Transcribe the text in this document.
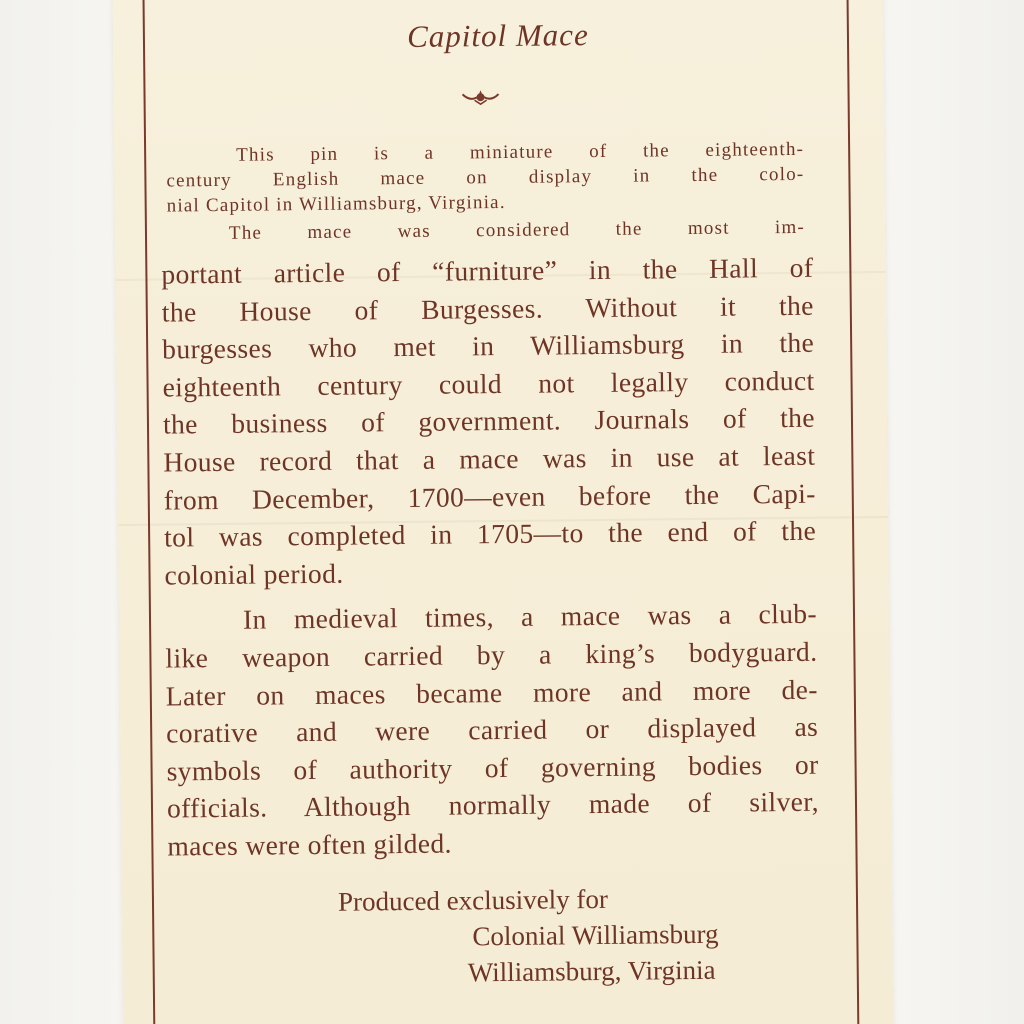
Capitol Mace
This pin is a miniature of the eighteenth-
century English mace on display in the colo-
nial Capitol in Williamsburg, Virginia.
The mace was considered the most im-
portant article of “furniture” in the Hall of
the House of Burgesses. Without it the
burgesses who met in Williamsburg in the
eighteenth century could not legally conduct
the business of government. Journals of the
House record that a mace was in use at least
from December, 1700—even before the Capi-
tol was completed in 1705—to the end of the
colonial period.
In medieval times, a mace was a club-
like weapon carried by a king’s bodyguard.
Later on maces became more and more de-
corative and were carried or displayed as
symbols of authority of governing bodies or
officials. Although normally made of silver,
maces were often gilded.
Produced exclusively for
Colonial Williamsburg
Williamsburg, Virginia
